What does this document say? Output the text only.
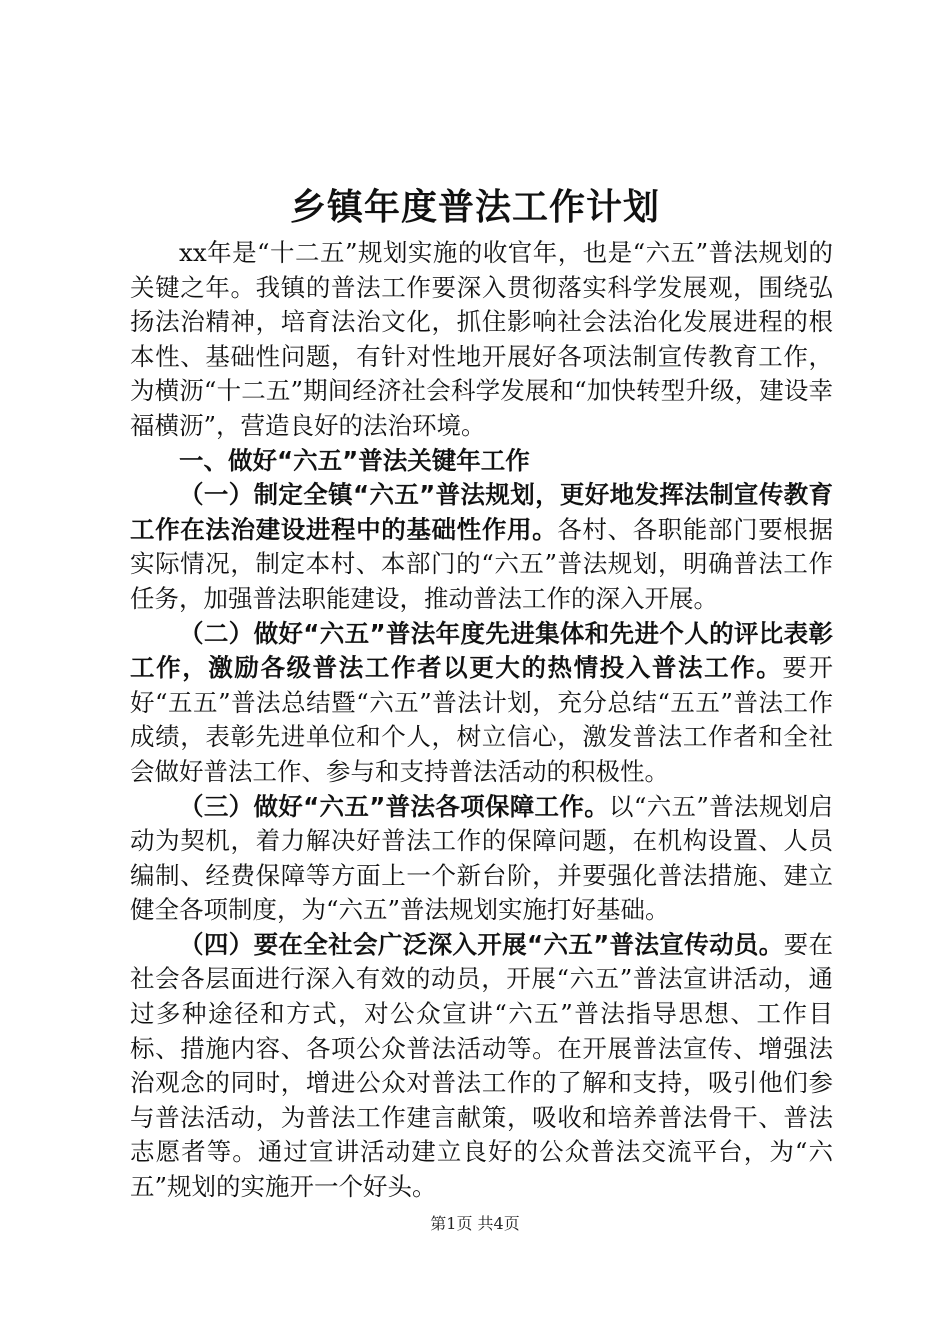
乡镇年度普法工作计划

xx年是“十二五”规划实施的收官年，也是“六五”普法规划的关键之年。我镇的普法工作要深入贯彻落实科学发展观，围绕弘扬法治精神，培育法治文化，抓住影响社会法治化发展进程的根本性、基础性问题，有针对性地开展好各项法制宣传教育工作，为横沥“十二五”期间经济社会科学发展和“加快转型升级，建设幸福横沥”，营造良好的法治环境。

一、做好“六五”普法关键年工作

（一）制定全镇“六五”普法规划，更好地发挥法制宣传教育工作在法治建设进程中的基础性作用。各村、各职能部门要根据实际情况，制定本村、本部门的“六五”普法规划，明确普法工作任务，加强普法职能建设，推动普法工作的深入开展。

（二）做好“六五”普法年度先进集体和先进个人的评比表彰工作，激励各级普法工作者以更大的热情投入普法工作。要开好“五五”普法总结暨“六五”普法计划，充分总结“五五”普法工作成绩，表彰先进单位和个人，树立信心，激发普法工作者和全社会做好普法工作、参与和支持普法活动的积极性。

（三）做好“六五”普法各项保障工作。以“六五”普法规划启动为契机，着力解决好普法工作的保障问题，在机构设置、人员编制、经费保障等方面上一个新台阶，并要强化普法措施、建立健全各项制度，为“六五”普法规划实施打好基础。

（四）要在全社会广泛深入开展“六五”普法宣传动员。要在社会各层面进行深入有效的动员，开展“六五”普法宣讲活动，通过多种途径和方式，对公众宣讲“六五”普法指导思想、工作目标、措施内容、各项公众普法活动等。在开展普法宣传、增强法治观念的同时，增进公众对普法工作的了解和支持，吸引他们参与普法活动，为普法工作建言献策，吸收和培养普法骨干、普法志愿者等。通过宣讲活动建立良好的公众普法交流平台，为“六五”规划的实施开一个好头。

第1页 共4页
